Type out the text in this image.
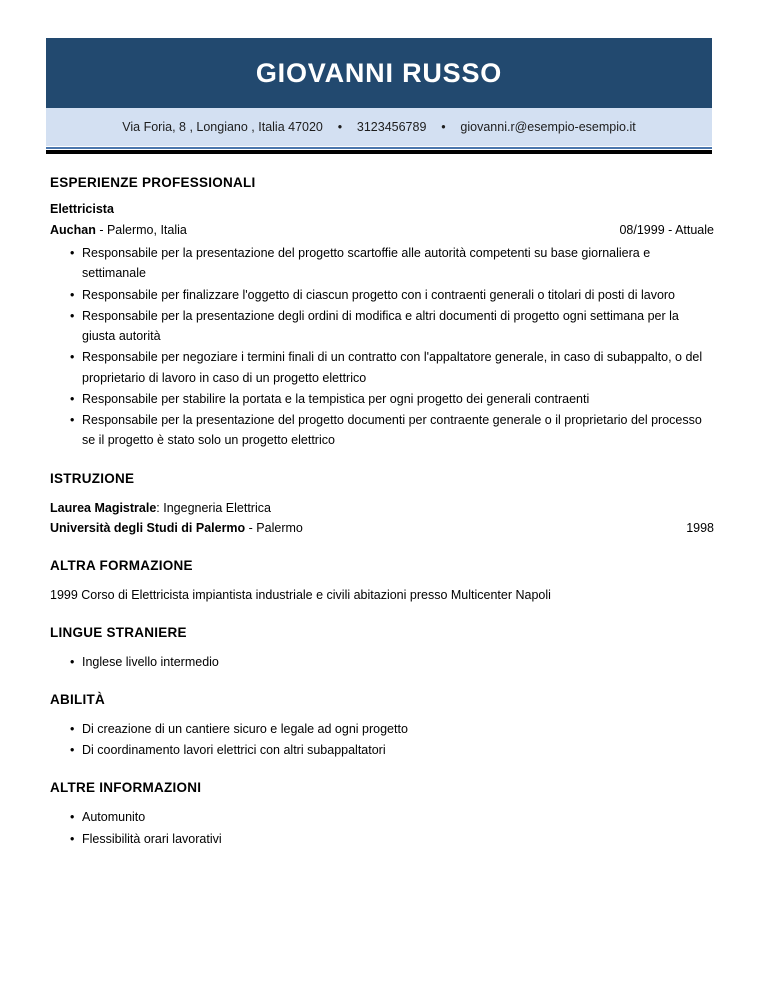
GIOVANNI RUSSO
Via Foria, 8 , Longiano , Italia 47020 •	3123456789 •	giovanni.r@esempio-esempio.it
ESPERIENZE PROFESSIONALI
Elettricista
Auchan - Palermo, Italia	08/1999 - Attuale
• Responsabile per la presentazione del progetto scartoffie alle autorità competenti su base giornaliera e settimanale
• Responsabile per finalizzare l'oggetto di ciascun progetto con i contraenti generali o titolari di posti di lavoro
• Responsabile per la presentazione degli ordini di modifica e altri documenti di progetto ogni settimana per la giusta autorità
• Responsabile per negoziare i termini finali di un contratto con l'appaltatore generale, in caso di subappalto, o del proprietario di lavoro in caso di un progetto elettrico
• Responsabile per stabilire la portata e la tempistica per ogni progetto dei generali contraenti
• Responsabile per la presentazione del progetto documenti per contraente generale o il proprietario del processo se il progetto è stato solo un progetto elettrico
ISTRUZIONE
Laurea Magistrale: Ingegneria Elettrica
Università degli Studi di Palermo - Palermo	1998
ALTRA FORMAZIONE
1999 Corso di Elettricista impiantista industriale e civili abitazioni presso Multicenter Napoli
LINGUE STRANIERE
• Inglese livello intermedio
ABILITÀ
• Di creazione di un cantiere sicuro e legale ad ogni progetto
• Di coordinamento lavori elettrici con altri subappaltatori
ALTRE INFORMAZIONI
• Automunito
• Flessibilità orari lavorativi
